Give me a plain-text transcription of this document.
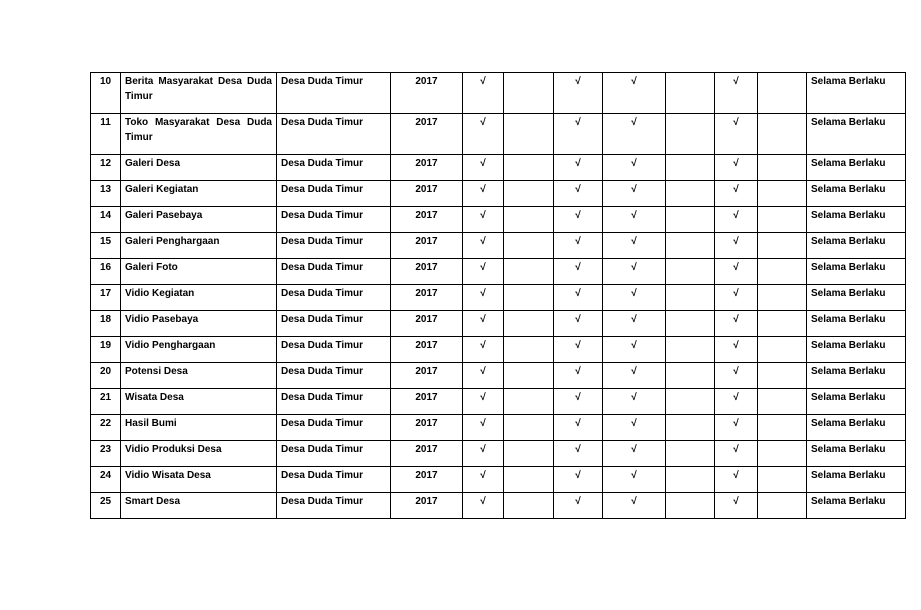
10	Berita Masyarakat Desa Duda Timur	Desa Duda Timur	2017	√		√	√		√		Selama Berlaku
11	Toko Masyarakat Desa Duda Timur	Desa Duda Timur	2017	√		√	√		√		Selama Berlaku
12	Galeri Desa	Desa Duda Timur	2017	√		√	√		√		Selama Berlaku
13	Galeri Kegiatan	Desa Duda Timur	2017	√		√	√		√		Selama Berlaku
14	Galeri Pasebaya	Desa Duda Timur	2017	√		√	√		√		Selama Berlaku
15	Galeri Penghargaan	Desa Duda Timur	2017	√		√	√		√		Selama Berlaku
16	Galeri Foto	Desa Duda Timur	2017	√		√	√		√		Selama Berlaku
17	Vidio Kegiatan	Desa Duda Timur	2017	√		√	√		√		Selama Berlaku
18	Vidio Pasebaya	Desa Duda Timur	2017	√		√	√		√		Selama Berlaku
19	Vidio Penghargaan	Desa Duda Timur	2017	√		√	√		√		Selama Berlaku
20	Potensi Desa	Desa Duda Timur	2017	√		√	√		√		Selama Berlaku
21	Wisata Desa	Desa Duda Timur	2017	√		√	√		√		Selama Berlaku
22	Hasil Bumi	Desa Duda Timur	2017	√		√	√		√		Selama Berlaku
23	Vidio Produksi Desa	Desa Duda Timur	2017	√		√	√		√		Selama Berlaku
24	Vidio Wisata Desa	Desa Duda Timur	2017	√		√	√		√		Selama Berlaku
25	Smart Desa	Desa Duda Timur	2017	√		√	√		√		Selama Berlaku
